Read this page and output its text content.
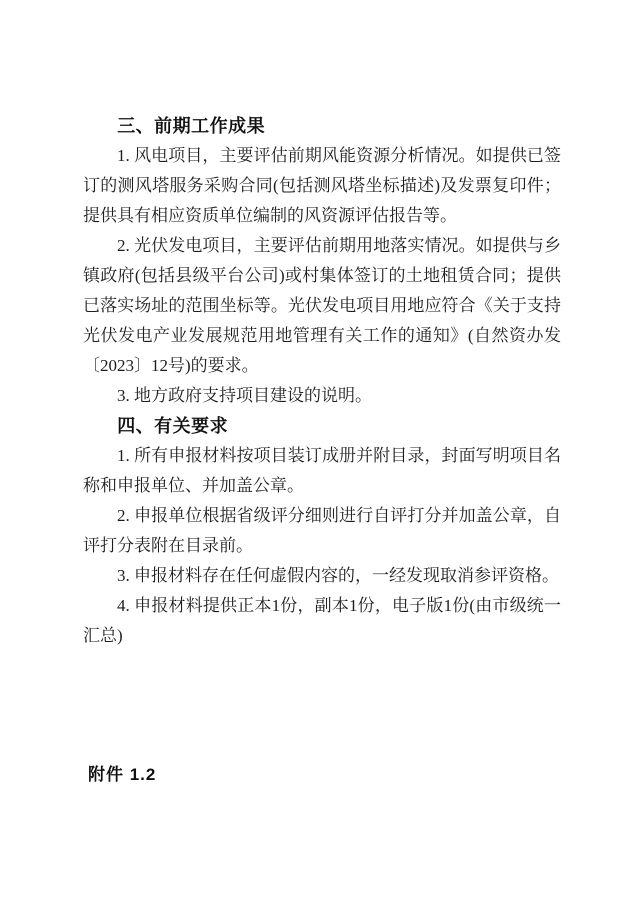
三、前期工作成果

1. 风电项目，主要评估前期风能资源分析情况。如提供已签订的测风塔服务采购合同(包括测风塔坐标描述)及发票复印件；提供具有相应资质单位编制的风资源评估报告等。

2. 光伏发电项目，主要评估前期用地落实情况。如提供与乡镇政府(包括县级平台公司)或村集体签订的土地租赁合同；提供已落实场址的范围坐标等。光伏发电项目用地应符合《关于支持光伏发电产业发展规范用地管理有关工作的通知》(自然资办发〔2023〕12号)的要求。

3. 地方政府支持项目建设的说明。

四、有关要求

1. 所有申报材料按项目装订成册并附目录，封面写明项目名称和申报单位、并加盖公章。

2. 申报单位根据省级评分细则进行自评打分并加盖公章，自评打分表附在目录前。

3. 申报材料存在任何虚假内容的，一经发现取消参评资格。

4. 申报材料提供正本1份，副本1份，电子版1份(由市级统一汇总)

附件 1.2
